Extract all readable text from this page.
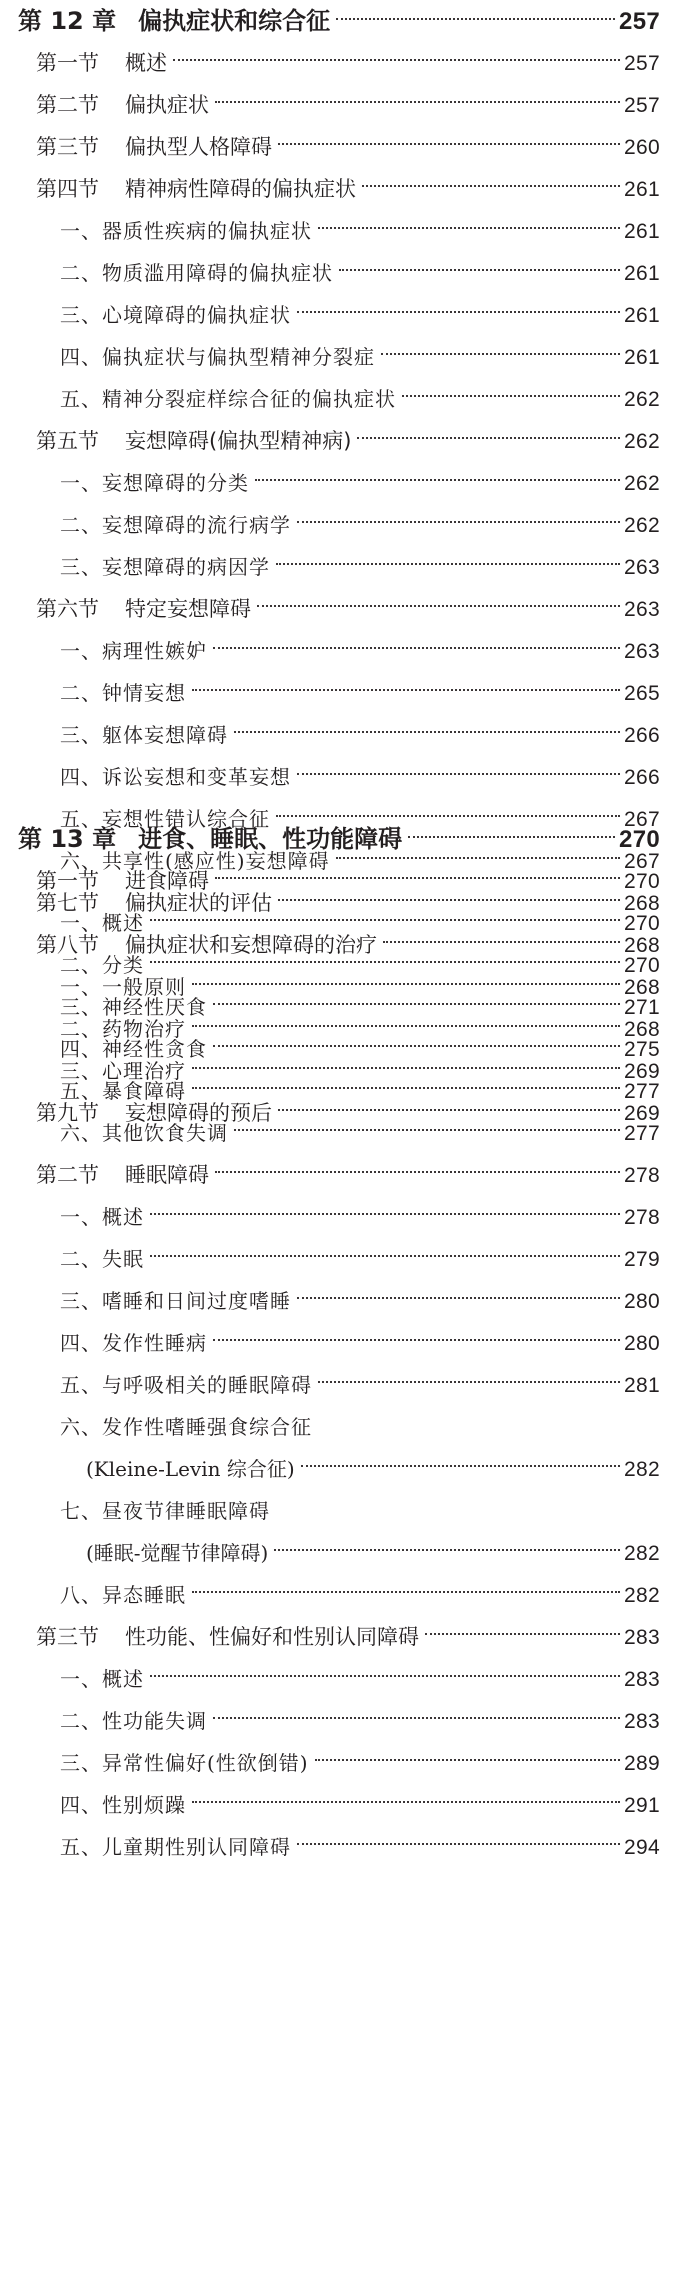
第 12 章 偏执症状和综合征	257
第一节 概述	257
第二节 偏执症状	257
第三节 偏执型人格障碍	260
第四节 精神病性障碍的偏执症状	261
一、器质性疾病的偏执症状	261
二、物质滥用障碍的偏执症状	261
三、心境障碍的偏执症状	261
四、偏执症状与偏执型精神分裂症	261
五、精神分裂症样综合征的偏执症状	262
第五节 妄想障碍(偏执型精神病)	262
一、妄想障碍的分类	262
二、妄想障碍的流行病学	262
三、妄想障碍的病因学	263
第六节 特定妄想障碍	263
一、病理性嫉妒	263
二、钟情妄想	265
三、躯体妄想障碍	266
四、诉讼妄想和变革妄想	266
五、妄想性错认综合征	267
六、共享性(感应性)妄想障碍	267
第七节 偏执症状的评估	268
第八节 偏执症状和妄想障碍的治疗	268
一、一般原则	268
二、药物治疗	268
三、心理治疗	269
第九节 妄想障碍的预后	269
第 13 章 进食、睡眠、性功能障碍	270
第一节 进食障碍	270
一、概述	270
二、分类	270
三、神经性厌食	271
四、神经性贪食	275
五、暴食障碍	277
六、其他饮食失调	277
第二节 睡眠障碍	278
一、概述	278
二、失眠	279
三、嗜睡和日间过度嗜睡	280
四、发作性睡病	280
五、与呼吸相关的睡眠障碍	281
六、发作性嗜睡强食综合征
(Kleine-Levin 综合征)	282
七、昼夜节律睡眠障碍
(睡眠-觉醒节律障碍)	282
八、异态睡眠	282
第三节 性功能、性偏好和性别认同障碍	283
一、概述	283
二、性功能失调	283
三、异常性偏好(性欲倒错)	289
四、性别烦躁	291
五、儿童期性别认同障碍	294
